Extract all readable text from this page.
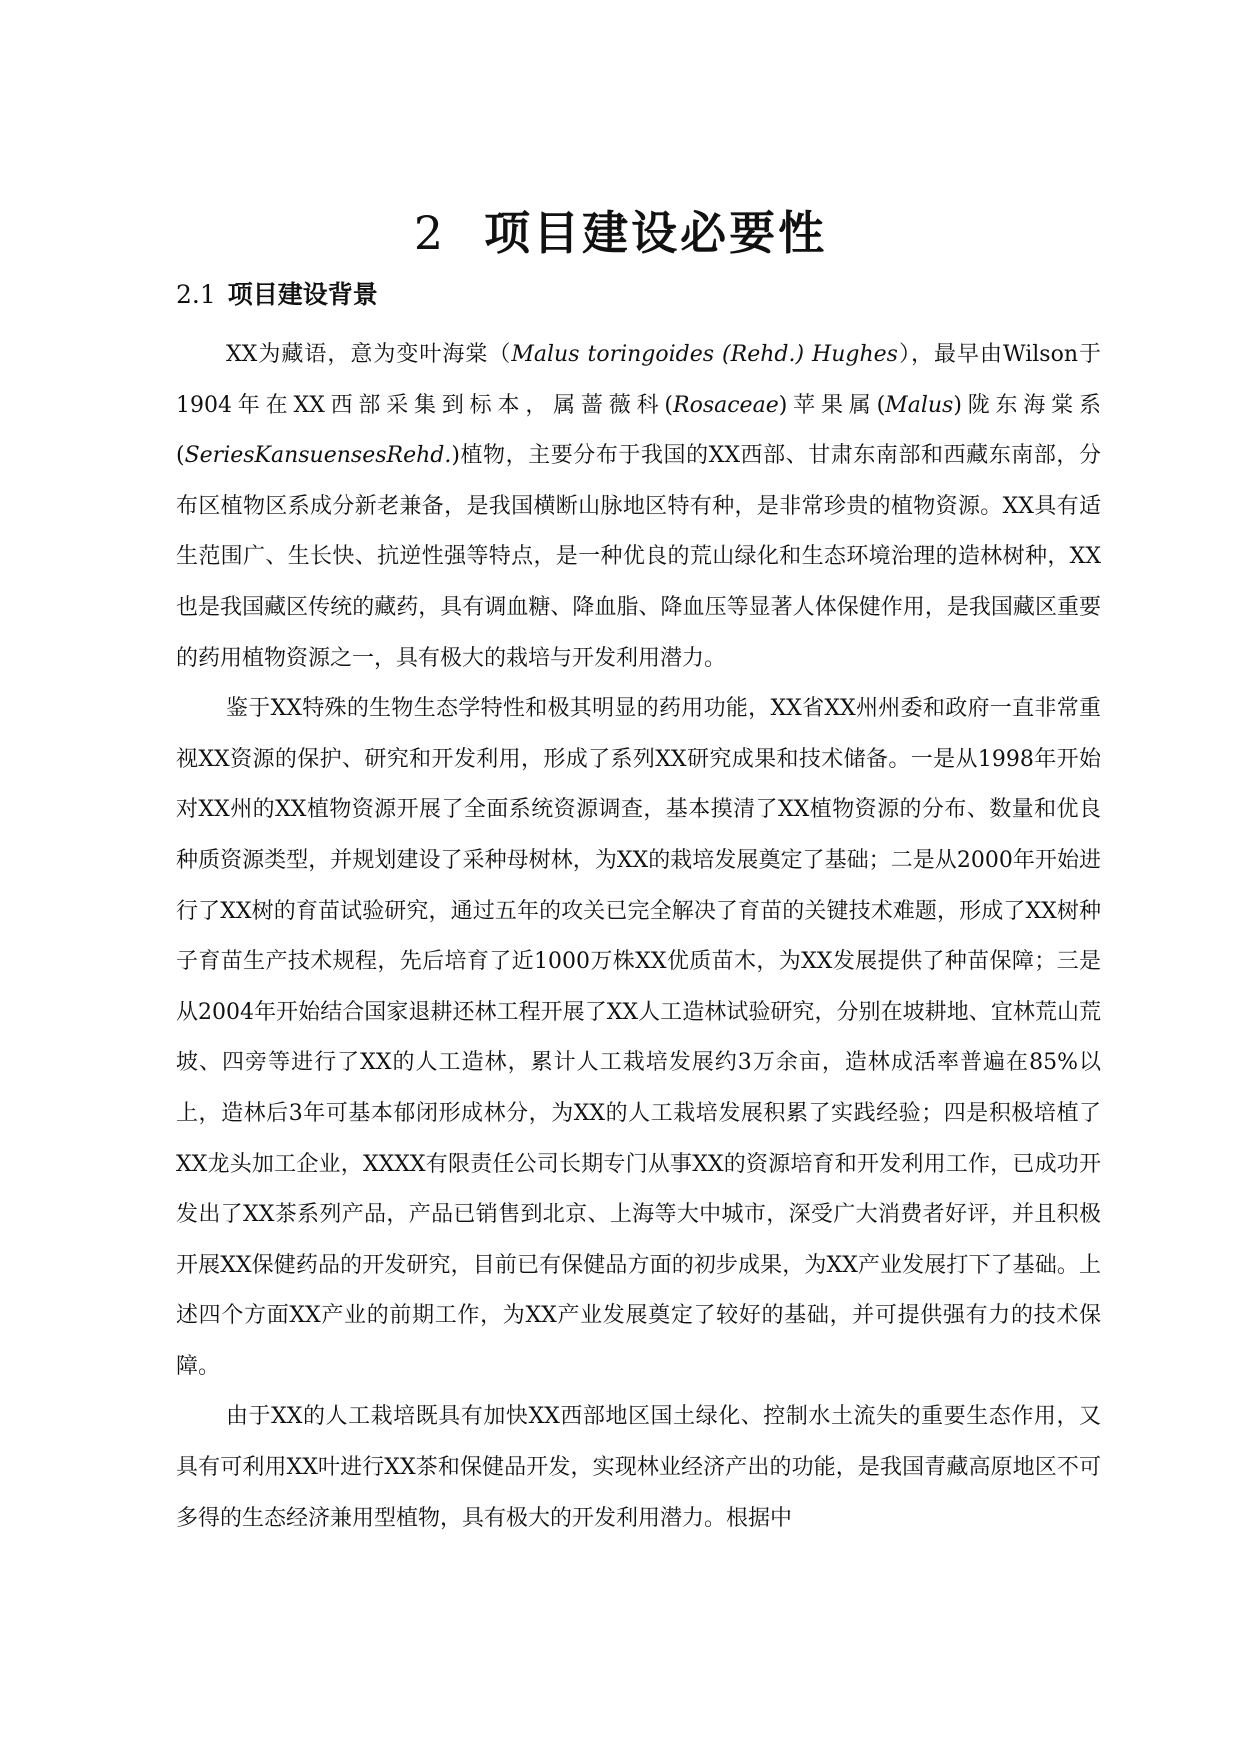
2 项目建设必要性
2.1 项目建设背景

XX为藏语，意为变叶海棠（Malus toringoides (Rehd.) Hughes），最早由Wilson于1904年在XX西部采集到标本，属蔷薇科(Rosaceae)苹果属(Malus)陇东海棠系(SeriesKansuensesRehd.)植物，主要分布于我国的XX西部、甘肃东南部和西藏东南部，分布区植物区系成分新老兼备，是我国横断山脉地区特有种，是非常珍贵的植物资源。XX具有适生范围广、生长快、抗逆性强等特点，是一种优良的荒山绿化和生态环境治理的造林树种，XX也是我国藏区传统的藏药，具有调血糖、降血脂、降血压等显著人体保健作用，是我国藏区重要的药用植物资源之一，具有极大的栽培与开发利用潜力。

鉴于XX特殊的生物生态学特性和极其明显的药用功能，XX省XX州州委和政府一直非常重视XX资源的保护、研究和开发利用，形成了系列XX研究成果和技术储备。一是从1998年开始对XX州的XX植物资源开展了全面系统资源调查，基本摸清了XX植物资源的分布、数量和优良种质资源类型，并规划建设了采种母树林，为XX的栽培发展奠定了基础；二是从2000年开始进行了XX树的育苗试验研究，通过五年的攻关已完全解决了育苗的关键技术难题，形成了XX树种子育苗生产技术规程，先后培育了近1000万株XX优质苗木，为XX发展提供了种苗保障；三是从2004年开始结合国家退耕还林工程开展了XX人工造林试验研究，分别在坡耕地、宜林荒山荒坡、四旁等进行了XX的人工造林，累计人工栽培发展约3万余亩，造林成活率普遍在85%以上，造林后3年可基本郁闭形成林分，为XX的人工栽培发展积累了实践经验；四是积极培植了XX龙头加工企业，XXXX有限责任公司长期专门从事XX的资源培育和开发利用工作，已成功开发出了XX茶系列产品，产品已销售到北京、上海等大中城市，深受广大消费者好评，并且积极开展XX保健药品的开发研究，目前已有保健品方面的初步成果，为XX产业发展打下了基础。上述四个方面XX产业的前期工作，为XX产业发展奠定了较好的基础，并可提供强有力的技术保障。

由于XX的人工栽培既具有加快XX西部地区国土绿化、控制水土流失的重要生态作用，又具有可利用XX叶进行XX茶和保健品开发，实现林业经济产出的功能，是我国青藏高原地区不可多得的生态经济兼用型植物，具有极大的开发利用潜力。根据中
